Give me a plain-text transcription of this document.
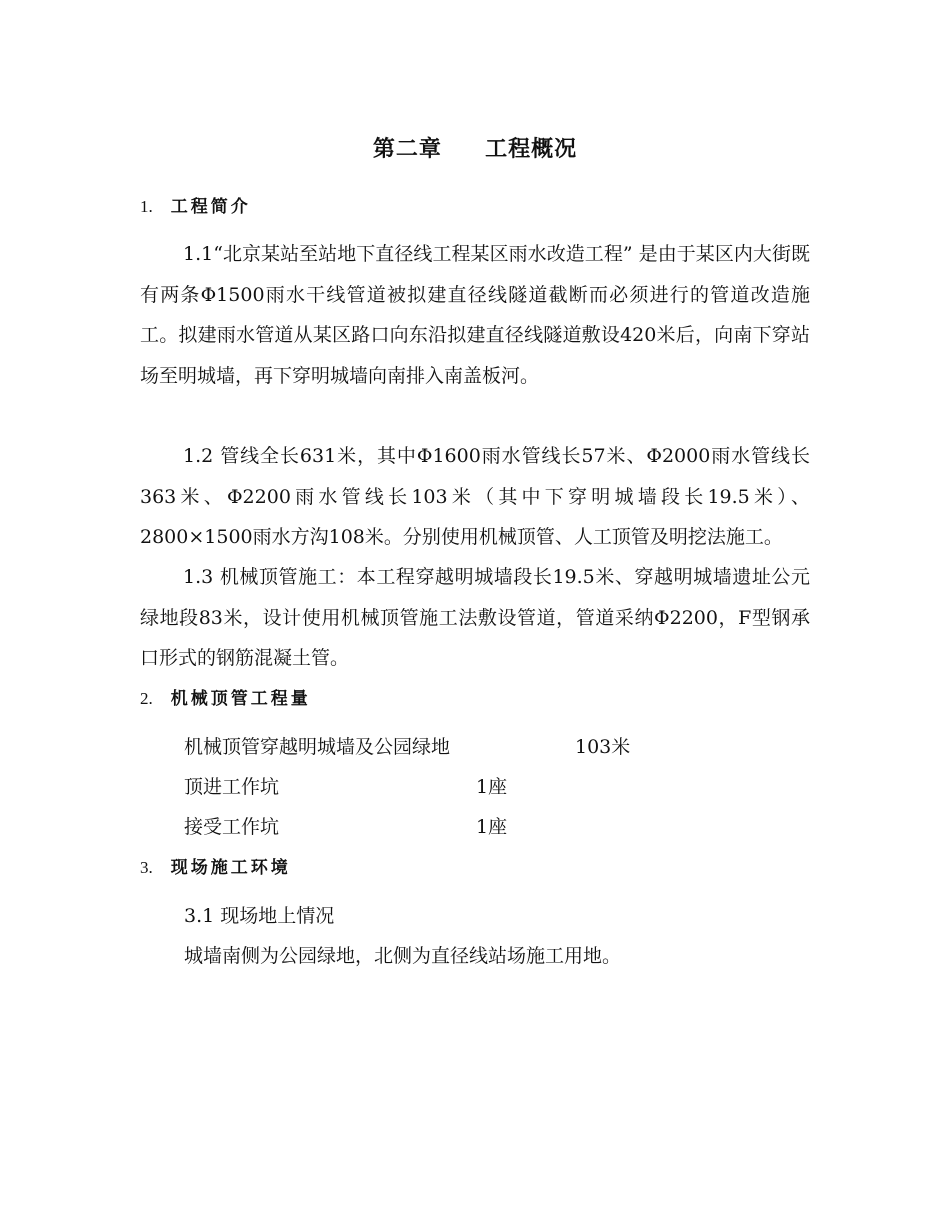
第二章     工程概况
1. 工程简介

1.1“北京某站至站地下直径线工程某区雨水改造工程” 是由于某区内大街既有两条Φ1500雨水干线管道被拟建直径线隧道截断而必须进行的管道改造施工。拟建雨水管道从某区路口向东沿拟建直径线隧道敷设420米后，向南下穿站场至明城墙，再下穿明城墙向南排入南盖板河。

1.2 管线全长631米，其中Φ1600雨水管线长57米、Φ2000雨水管线长363米、Φ2200雨水管线长103米（其中下穿明城墙段长19.5米）、2800×1500雨水方沟108米。分别使用机械顶管、人工顶管及明挖法施工。

1.3 机械顶管施工：本工程穿越明城墙段长19.5米、穿越明城墙遗址公元绿地段83米，设计使用机械顶管施工法敷设管道，管道采纳Φ2200，F型钢承口形式的钢筋混凝土管。

2. 机械顶管工程量
机械顶管穿越明城墙及公园绿地	103米
顶进工作坑	1座
接受工作坑	1座
3. 现场施工环境
3.1 现场地上情况
城墙南侧为公园绿地，北侧为直径线站场施工用地。
